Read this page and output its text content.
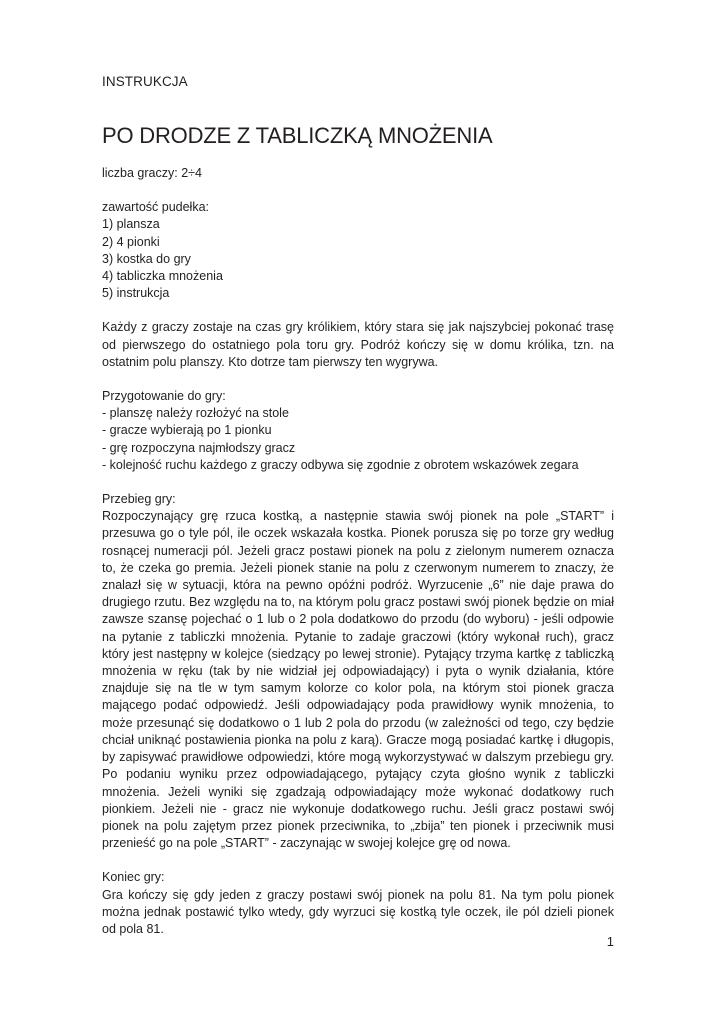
INSTRUKCJA
PO DRODZE Z TABLICZKĄ MNOŻENIA

liczba graczy: 2÷4

zawartość pudełka:

1) plansza
2) 4 pionki
3) kostka do gry
4) tabliczka mnożenia
5) instrukcja

Każdy z graczy zostaje na czas gry królikiem, który stara się jak najszybciej pokonać trasę od pierwszego do ostatniego pola toru gry. Podróż kończy się w domu królika, tzn. na ostatnim polu planszy. Kto dotrze tam pierwszy ten wygrywa.

Przygotowanie do gry:

- planszę należy rozłożyć na stole
- gracze wybierają po 1 pionku
- grę rozpoczyna najmłodszy gracz
- kolejność ruchu każdego z graczy odbywa się zgodnie z obrotem wskazówek zegara

Przebieg gry:

Rozpoczynający grę rzuca kostką, a następnie stawia swój pionek na pole „START” i przesuwa go o tyle pól, ile oczek wskazała kostka. Pionek porusza się po torze gry według rosnącej numeracji pól. Jeżeli gracz postawi pionek na polu z zielonym numerem oznacza to, że czeka go premia. Jeżeli pionek stanie na polu z czerwonym numerem to znaczy, że znalazł się w sytuacji, która na pewno opóźni podróż. Wyrzucenie „6” nie daje prawa do drugiego rzutu. Bez względu na to, na którym polu gracz postawi swój pionek będzie on miał zawsze szansę pojechać o 1 lub o 2 pola dodatkowo do przodu (do wyboru) - jeśli odpowie na pytanie z tabliczki mnożenia. Pytanie to zadaje graczowi (który wykonał ruch), gracz który jest następny w kolejce (siedzący po lewej stronie). Pytający trzyma kartkę z tabliczką mnożenia w ręku (tak by nie widział jej odpowiadający) i pyta o wynik działania, które znajduje się na tle w tym samym kolorze co kolor pola, na którym stoi pionek gracza mającego podać odpowiedź. Jeśli odpowiadający poda prawidłowy wynik mnożenia, to może przesunąć się dodatkowo o 1 lub 2 pola do przodu (w zależności od tego, czy będzie chciał uniknąć postawienia pionka na polu z karą). Gracze mogą posiadać kartkę i długopis, by zapisywać prawidłowe odpowiedzi, które mogą wykorzystywać w dalszym przebiegu gry. Po podaniu wyniku przez odpowiadającego, pytający czyta głośno wynik z tabliczki mnożenia. Jeżeli wyniki się zgadzają odpowiadający może wykonać dodatkowy ruch pionkiem. Jeżeli nie - gracz nie wykonuje dodatkowego ruchu. Jeśli gracz postawi swój pionek na polu zajętym przez pionek przeciwnika, to „zbija” ten pionek i przeciwnik musi przenieść go na pole „START” - zaczynając w swojej kolejce grę od nowa.

Koniec gry:

Gra kończy się gdy jeden z graczy postawi swój pionek na polu 81. Na tym polu pionek można jednak postawić tylko wtedy, gdy wyrzuci się kostką tyle oczek, ile pól dzieli pionek od pola 81.

1
